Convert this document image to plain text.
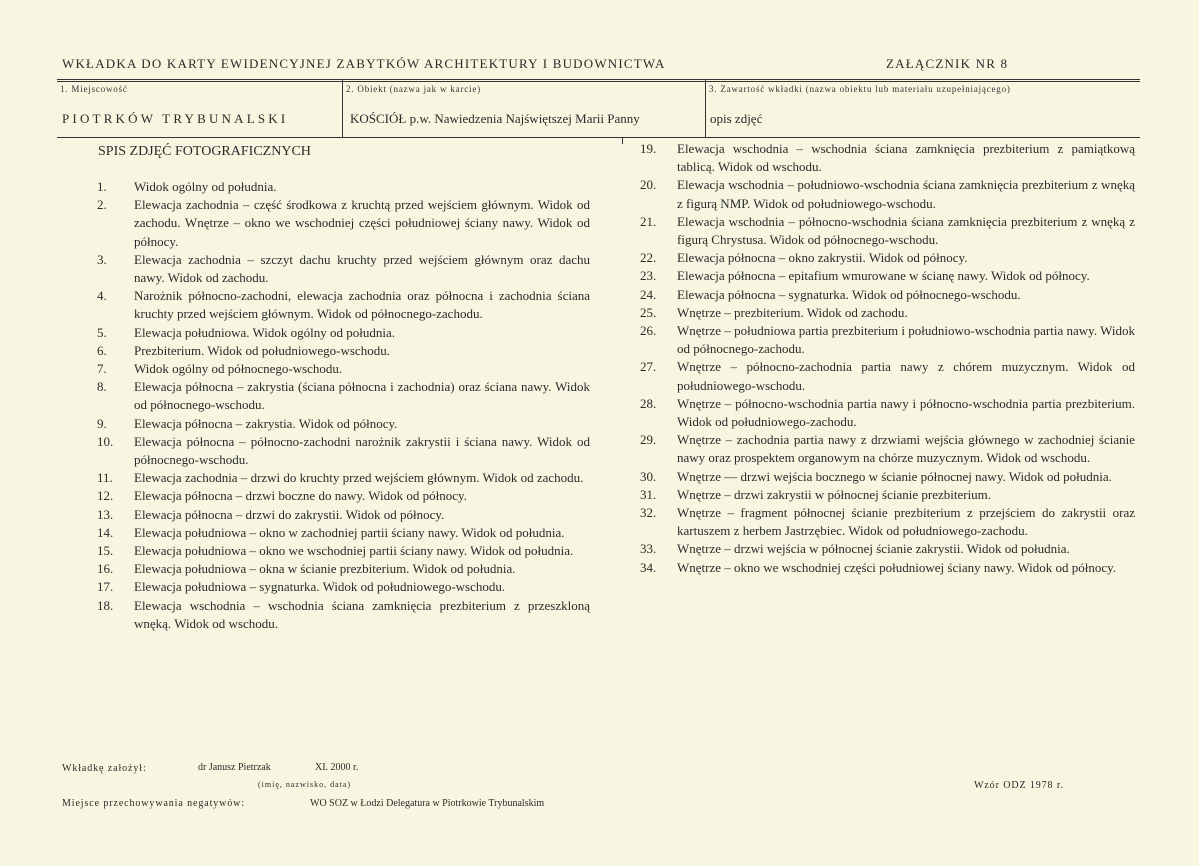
WKŁADKA DO KARTY EWIDENCYJNEJ ZABYTKÓW ARCHITEKTURY I BUDOWNICTWA	ZAŁĄCZNIK NR 8
1. Miejscowość
PIOTRKÓW TRYBUNALSKI
2. Obiekt (nazwa jak w karcie)
KOŚCIÓŁ p.w. Nawiedzenia Najświętszej Marii Panny
3. Zawartość wkładki (nazwa obiektu lub materiału uzupełniającego)
opis zdjęć
SPIS ZDJĘĆ FOTOGRAFICZNYCH
1.	Widok ogólny od południa.
2.	Elewacja zachodnia – część środkowa z kruchtą przed wejściem głównym. Widok od zachodu. Wnętrze – okno we wschodniej części południowej ściany nawy. Widok od północy.
3.	Elewacja zachodnia – szczyt dachu kruchty przed wejściem głównym oraz dachu nawy. Widok od zachodu.
4.	Narożnik północno-zachodni, elewacja zachodnia oraz północna i zachodnia ściana kruchty przed wejściem głównym. Widok od północnego-zachodu.
5.	Elewacja południowa. Widok ogólny od południa.
6.	Prezbiterium. Widok od południowego-wschodu.
7.	Widok ogólny od północnego-wschodu.
8.	Elewacja północna – zakrystia (ściana północna i zachodnia) oraz ściana nawy. Widok od północnego-wschodu.
9.	Elewacja północna – zakrystia. Widok od północy.
10.	Elewacja północna – północno-zachodni narożnik zakrystii i ściana nawy. Widok od północnego-wschodu.
11.	Elewacja zachodnia – drzwi do kruchty przed wejściem głównym. Widok od zachodu.
12.	Elewacja północna – drzwi boczne do nawy. Widok od północy.
13.	Elewacja północna – drzwi do zakrystii. Widok od północy.
14.	Elewacja południowa – okno w zachodniej partii ściany nawy. Widok od południa.
15.	Elewacja południowa – okno we wschodniej partii ściany nawy. Widok od południa.
16.	Elewacja południowa – okna w ścianie prezbiterium. Widok od południa.
17.	Elewacja południowa – sygnaturka. Widok od południowego-wschodu.
18.	Elewacja wschodnia – wschodnia ściana zamknięcia prezbiterium z przeszkloną wnęką. Widok od wschodu.
19.	Elewacja wschodnia – wschodnia ściana zamknięcia prezbiterium z pamiątkową tablicą. Widok od wschodu.
20.	Elewacja wschodnia – południowo-wschodnia ściana zamknięcia prezbiterium z wnęką z figurą NMP. Widok od południowego-wschodu.
21.	Elewacja wschodnia – północno-wschodnia ściana zamknięcia prezbiterium z wnęką z figurą Chrystusa. Widok od północnego-wschodu.
22.	Elewacja północna – okno zakrystii. Widok od północy.
23.	Elewacja północna – epitafium wmurowane w ścianę nawy. Widok od północy.
24.	Elewacja północna – sygnaturka. Widok od północnego-wschodu.
25.	Wnętrze – prezbiterium. Widok od zachodu.
26.	Wnętrze – południowa partia prezbiterium i południowo-wschodnia partia nawy. Widok od północnego-zachodu.
27.	Wnętrze – północno-zachodnia partia nawy z chórem muzycznym. Widok od południowego-wschodu.
28.	Wnętrze – północno-wschodnia partia nawy i północno-wschodnia partia prezbiterium. Widok od południowego-zachodu.
29.	Wnętrze – zachodnia partia nawy z drzwiami wejścia głównego w zachodniej ścianie nawy oraz prospektem organowym na chórze muzycznym. Widok od wschodu.
30.	Wnętrze — drzwi wejścia bocznego w ścianie północnej nawy. Widok od południa.
31.	Wnętrze – drzwi zakrystii w północnej ścianie prezbiterium.
32.	Wnętrze – fragment północnej ścianie prezbiterium z przejściem do zakrystii oraz kartuszem z herbem Jastrzębiec. Widok od południowego-zachodu.
33.	Wnętrze – drzwi wejścia w północnej ścianie zakrystii. Widok od południa.
34.	Wnętrze – okno we wschodniej części południowej ściany nawy. Widok od północy.
Wkładkę założył:	dr Janusz Pietrzak	XI. 2000 r.
(imię, nazwisko, data)
Miejsce przechowywania negatywów:	WO SOZ w Łodzi Delegatura w Piotrkowie Trybunalskim
Wzór ODZ 1978 r.
